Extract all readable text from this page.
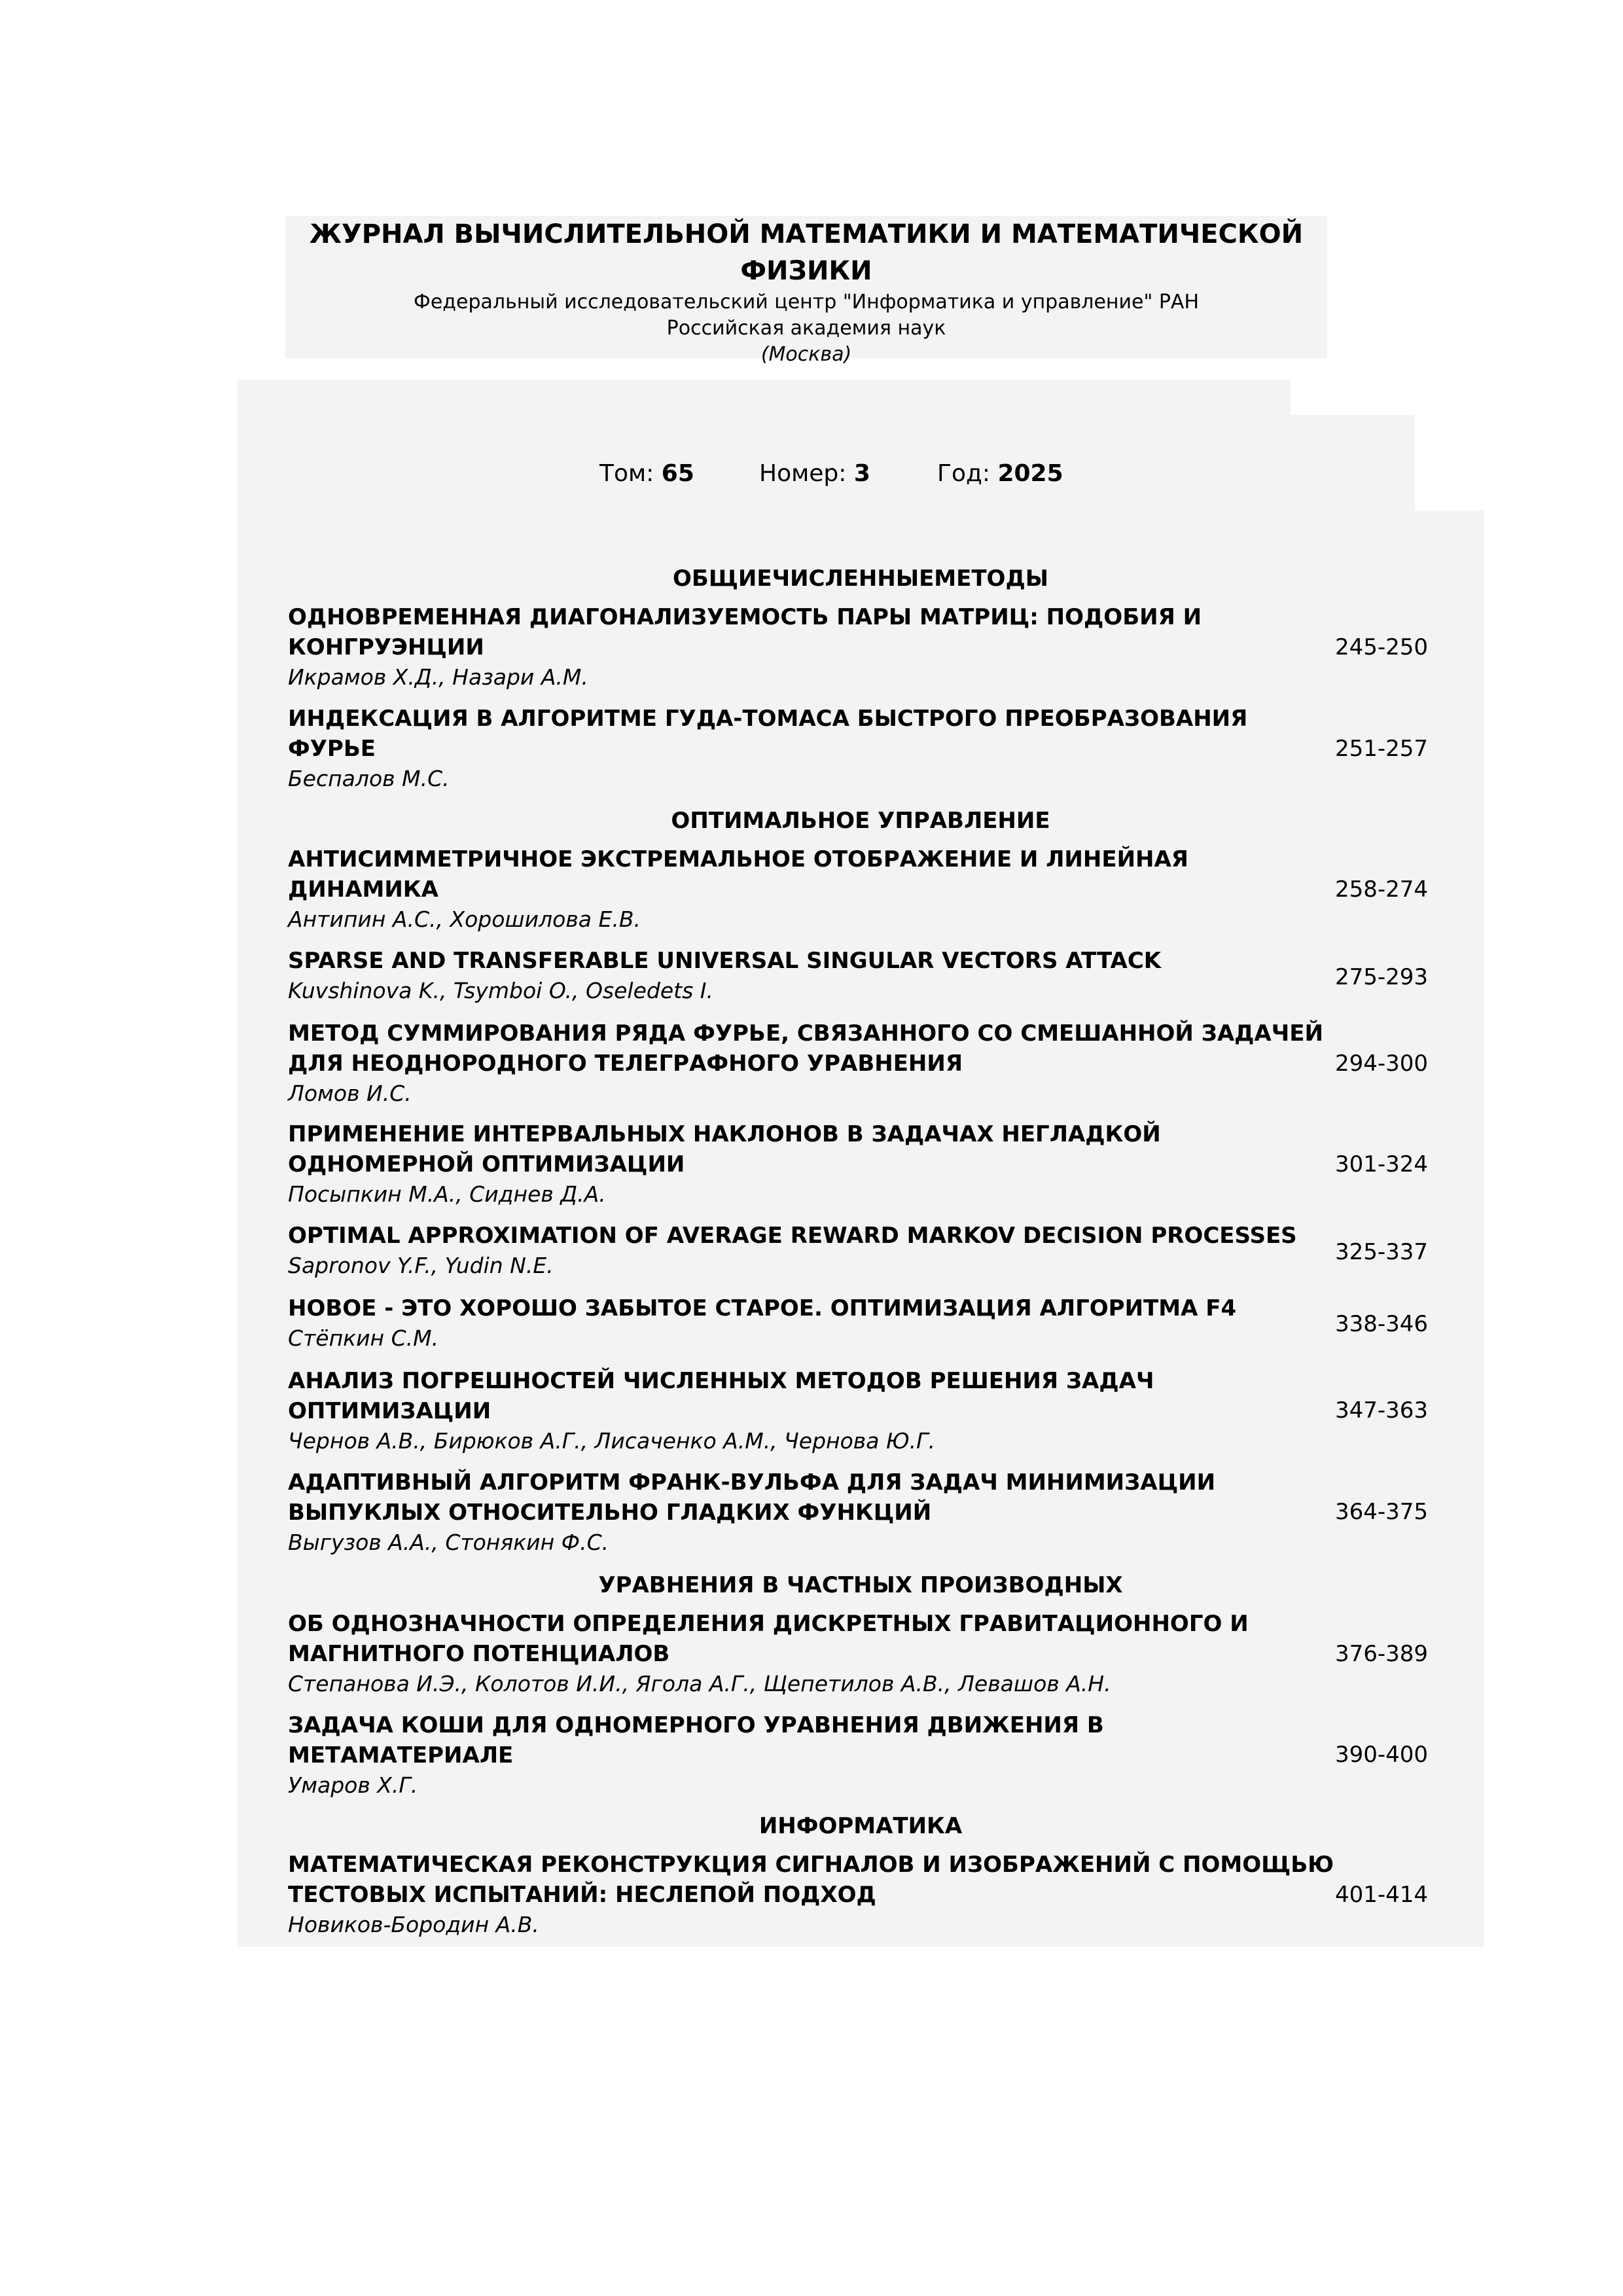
ЖУРНАЛ ВЫЧИСЛИТЕЛЬНОЙ МАТЕМАТИКИ И МАТЕМАТИЧЕСКОЙ ФИЗИКИ

Федеральный исследовательский центр "Информатика и управление" РАН

Российская академия наук

(Москва)

Том: 65	Номер: 3	Год: 2025
ОБЩИЕЧИСЛЕННЫЕМЕТОДЫ

ОДНОВРЕМЕННАЯ ДИАГОНАЛИЗУЕМОСТЬ ПАРЫ МАТРИЦ: ПОДОБИЯ И КОНГРУЭНЦИИ

Икрамов Х.Д., Назари А.М.

245-250

ИНДЕКСАЦИЯ В АЛГОРИТМЕ ГУДА-ТОМАСА БЫСТРОГО ПРЕОБРАЗОВАНИЯ ФУРЬЕ

Беспалов М.С.

251-257
ОПТИМАЛЬНОЕ УПРАВЛЕНИЕ

АНТИСИММЕТРИЧНОЕ ЭКСТРЕМАЛЬНОЕ ОТОБРАЖЕНИЕ И ЛИНЕЙНАЯ ДИНАМИКА

Антипин А.С., Хорошилова Е.В.

258-274

SPARSE AND TRANSFERABLE UNIVERSAL SINGULAR VECTORS ATTACK

Kuvshinova K., Tsymboi O., Oseledets I.

275-293

МЕТОД СУММИРОВАНИЯ РЯДА ФУРЬЕ, СВЯЗАННОГО СО СМЕШАННОЙ ЗАДАЧЕЙ ДЛЯ НЕОДНОРОДНОГО ТЕЛЕГРАФНОГО УРАВНЕНИЯ

Ломов И.С.

294-300

ПРИМЕНЕНИЕ ИНТЕРВАЛЬНЫХ НАКЛОНОВ В ЗАДАЧАХ НЕГЛАДКОЙ ОДНОМЕРНОЙ ОПТИМИЗАЦИИ

Посыпкин М.А., Сиднев Д.А.

301-324

OPTIMAL APPROXIMATION OF AVERAGE REWARD MARKOV DECISION PROCESSES

Sapronov Y.F., Yudin N.E.

325-337

НОВОЕ - ЭТО ХОРОШО ЗАБЫТОЕ СТАРОЕ. ОПТИМИЗАЦИЯ АЛГОРИТМА F4

Стёпкин С.М.

338-346

АНАЛИЗ ПОГРЕШНОСТЕЙ ЧИСЛЕННЫХ МЕТОДОВ РЕШЕНИЯ ЗАДАЧ ОПТИМИЗАЦИИ

Чернов А.В., Бирюков А.Г., Лисаченко А.М., Чернова Ю.Г.

347-363

АДАПТИВНЫЙ АЛГОРИТМ ФРАНК-ВУЛЬФА ДЛЯ ЗАДАЧ МИНИМИЗАЦИИ ВЫПУКЛЫХ ОТНОСИТЕЛЬНО ГЛАДКИХ ФУНКЦИЙ

Выгузов А.А., Стонякин Ф.С.

364-375
УРАВНЕНИЯ В ЧАСТНЫХ ПРОИЗВОДНЫХ

ОБ ОДНОЗНАЧНОСТИ ОПРЕДЕЛЕНИЯ ДИСКРЕТНЫХ ГРАВИТАЦИОННОГО И МАГНИТНОГО ПОТЕНЦИАЛОВ

Степанова И.Э., Колотов И.И., Ягола А.Г., Щепетилов А.В., Левашов А.Н.

376-389

ЗАДАЧА КОШИ ДЛЯ ОДНОМЕРНОГО УРАВНЕНИЯ ДВИЖЕНИЯ В МЕТАМАТЕРИАЛЕ

Умаров Х.Г.

390-400
ИНФОРМАТИКА

МАТЕМАТИЧЕСКАЯ РЕКОНСТРУКЦИЯ СИГНАЛОВ И ИЗОБРАЖЕНИЙ С ПОМОЩЬЮ ТЕСТОВЫХ ИСПЫТАНИЙ: НЕСЛЕПОЙ ПОДХОД

Новиков-Бородин А.В.

401-414
